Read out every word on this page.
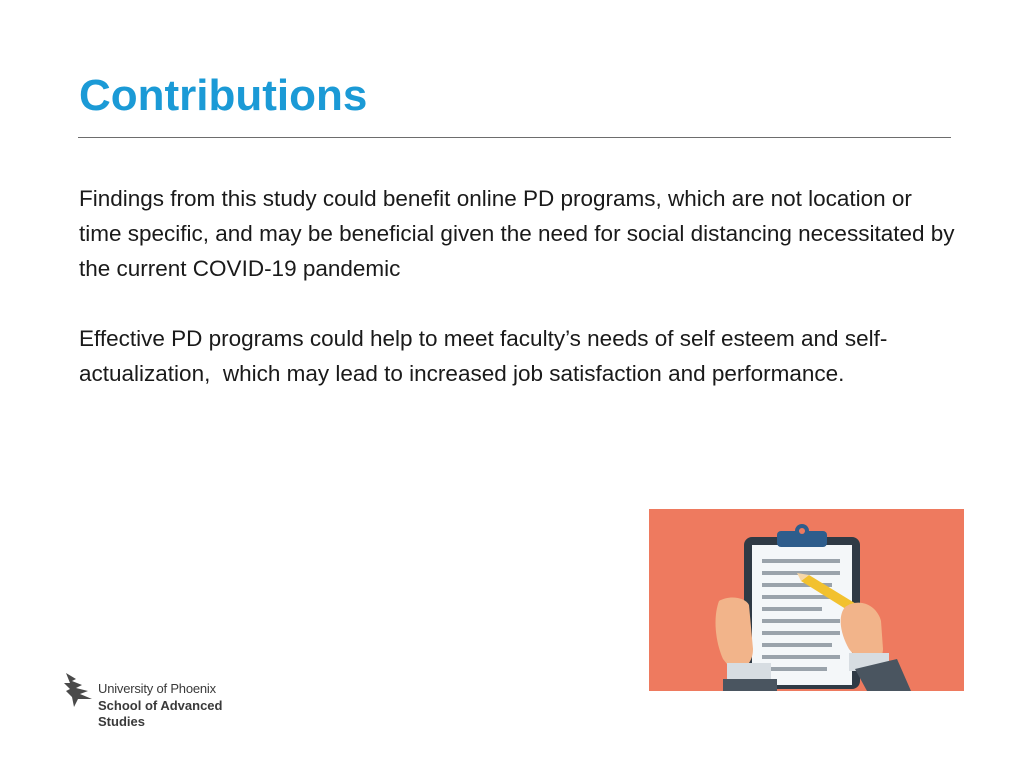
Contributions

Findings from this study could benefit online PD programs, which are not location or time specific, and may be beneficial given the need for social distancing necessitated by the current COVID-19 pandemic

Effective PD programs could help to meet faculty’s needs of self esteem and self- actualization,  which may lead to increased job satisfaction and performance.

University of Phoenix
School of Advanced
Studies
